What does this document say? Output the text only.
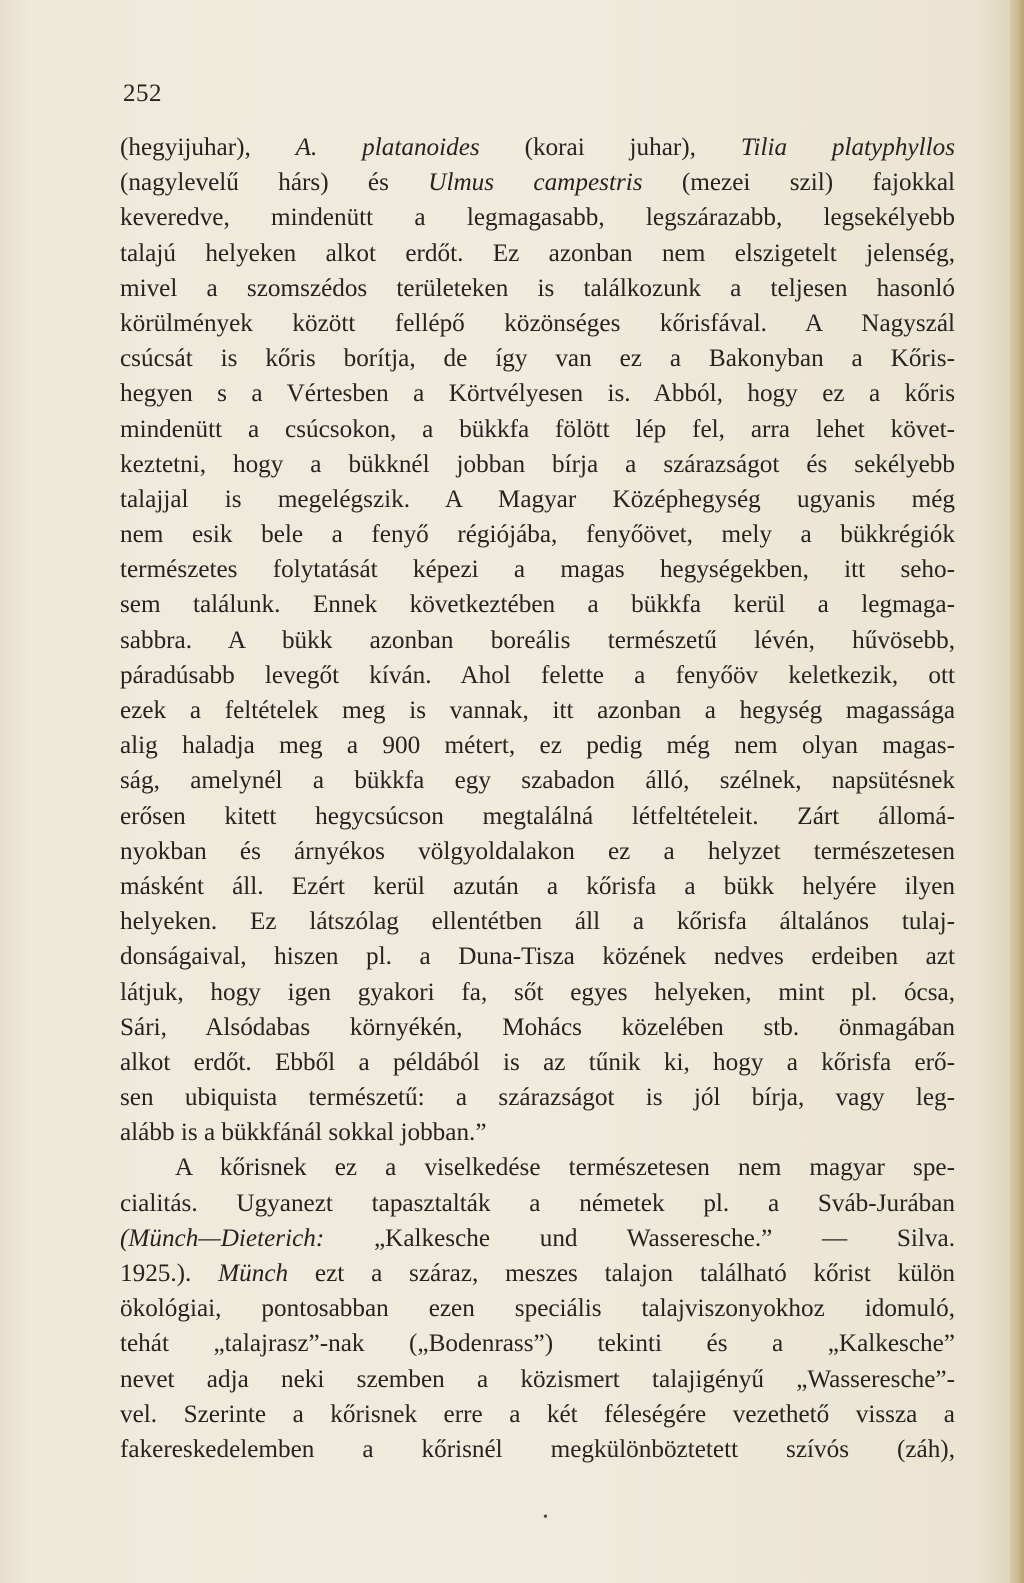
252
(hegyijuhar), A. platanoides (korai juhar), Tilia platyphyllos
(nagylevelű hárs) és Ulmus campestris (mezei szil) fajokkal
keveredve, mindenütt a legmagasabb, legszárazabb, legsekélyebb
talajú helyeken alkot erdőt. Ez azonban nem elszigetelt jelenség,
mivel a szomszédos területeken is találkozunk a teljesen hasonló
körülmények között fellépő közönséges kőrisfával. A Nagyszál
csúcsát is kőris borítja, de így van ez a Bakonyban a Kőris-
hegyen s a Vértesben a Körtvélyesen is. Abból, hogy ez a kőris
mindenütt a csúcsokon, a bükkfa fölött lép fel, arra lehet követ-
keztetni, hogy a bükknél jobban bírja a szárazságot és sekélyebb
talajjal is megelégszik. A Magyar Középhegység ugyanis még
nem esik bele a fenyő régiójába, fenyőövet, mely a bükkrégiók
természetes folytatását képezi a magas hegységekben, itt seho-
sem találunk. Ennek következtében a bükkfa kerül a legmaga-
sabbra. A bükk azonban boreális természetű lévén, hűvösebb,
páradúsabb levegőt kíván. Ahol felette a fenyőöv keletkezik, ott
ezek a feltételek meg is vannak, itt azonban a hegység magassága
alig haladja meg a 900 métert, ez pedig még nem olyan magas-
ság, amelynél a bükkfa egy szabadon álló, szélnek, napsütésnek
erősen kitett hegycsúcson megtalálná létfeltételeit. Zárt állomá-
nyokban és árnyékos völgyoldalakon ez a helyzet természetesen
másként áll. Ezért kerül azután a kőrisfa a bükk helyére ilyen
helyeken. Ez látszólag ellentétben áll a kőrisfa általános tulaj-
donságaival, hiszen pl. a Duna-Tisza közének nedves erdeiben azt
látjuk, hogy igen gyakori fa, sőt egyes helyeken, mint pl. ócsa,
Sári, Alsódabas környékén, Mohács közelében stb. önmagában
alkot erdőt. Ebből a példából is az tűnik ki, hogy a kőrisfa erő-
sen ubiquista természetű: a szárazságot is jól bírja, vagy leg-
alább is a bükkfánál sokkal jobban.”
A kőrisnek ez a viselkedése természetesen nem magyar spe-
cialitás. Ugyanezt tapasztalták a németek pl. a Sváb-Jurában
(Münch—Dieterich: „Kalkesche und Wasseresche.” — Silva.
1925.). Münch ezt a száraz, meszes talajon található kőrist külön
ökológiai, pontosabban ezen speciális talajviszonyokhoz idomuló,
tehát „talajrasz”-nak („Bodenrass”) tekinti és a „Kalkesche”
nevet adja neki szemben a közismert talajigényű „Wasseresche”-
vel. Szerinte a kőrisnek erre a két féleségére vezethető vissza a
fakereskedelemben a kőrisnél megkülönböztetett szívós (záh),
•
